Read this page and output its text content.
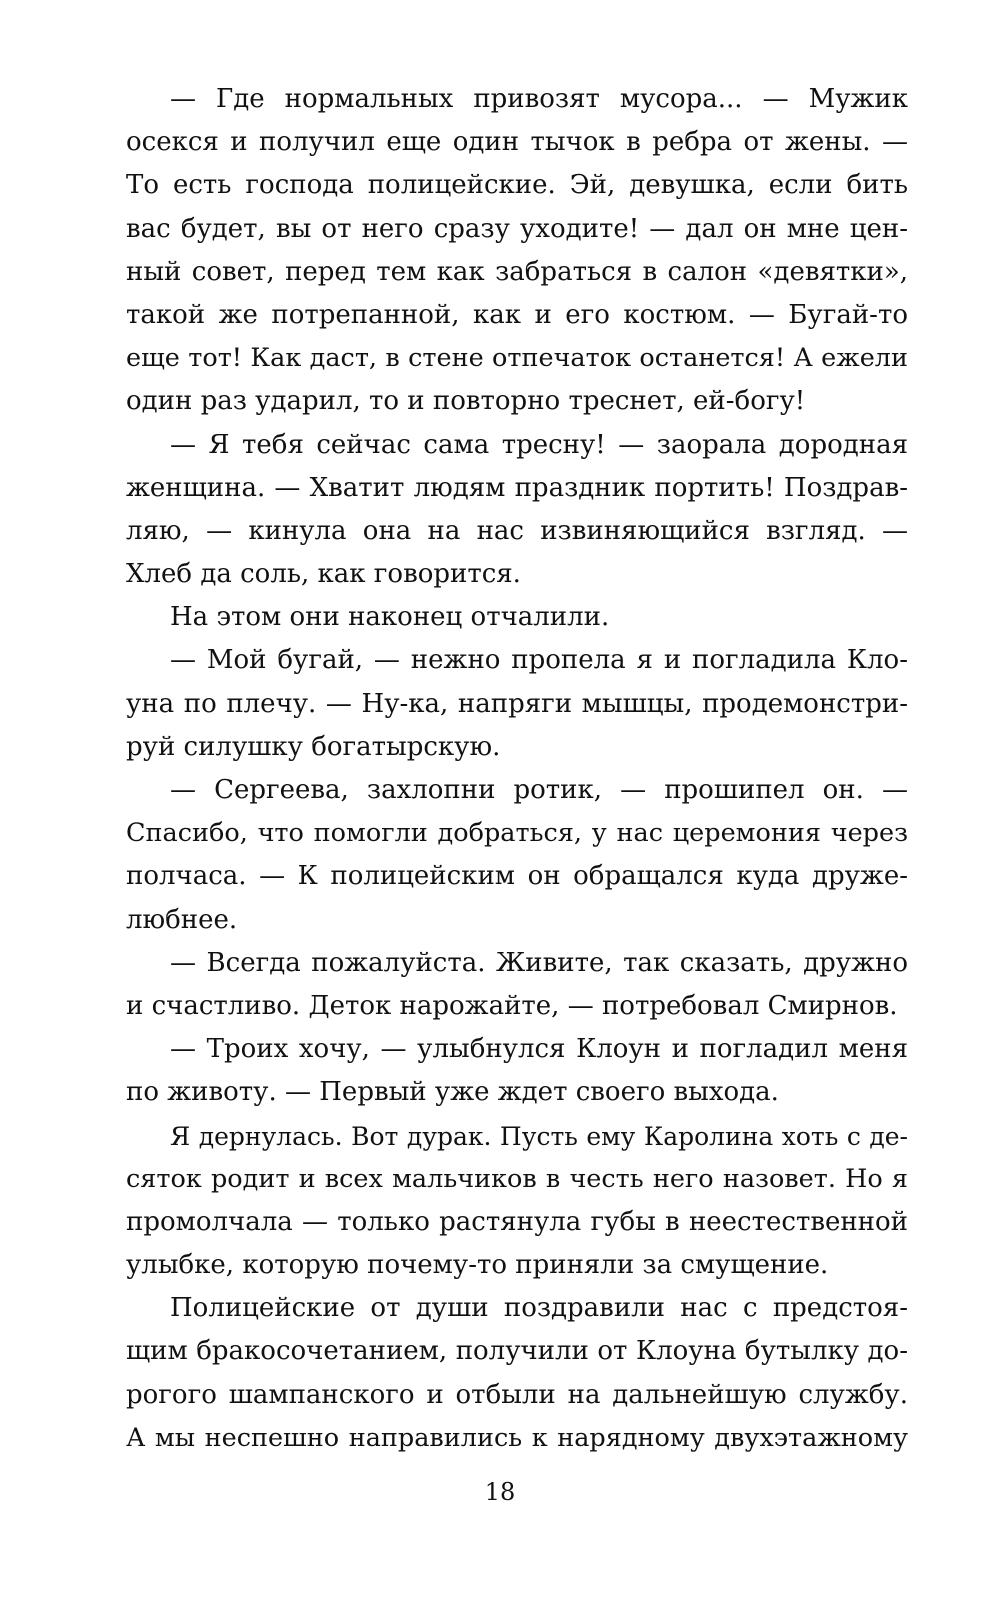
— Где нормальных привозят мусора... — Мужик
осекся и получил еще один тычок в ребра от жены. —
То есть господа полицейские. Эй, девушка, если бить
вас будет, вы от него сразу уходите! — дал он мне цен-
ный совет, перед тем как забраться в салон «девятки»,
такой же потрепанной, как и его костюм. — Бугай-то
еще тот! Как даст, в стене отпечаток останется! А ежели
один раз ударил, то и повторно треснет, ей-богу!
— Я тебя сейчас сама тресну! — заорала дородная
женщина. — Хватит людям праздник портить! Поздрав-
ляю, — кинула она на нас извиняющийся взгляд. —
Хлеб да соль, как говорится.
На этом они наконец отчалили.
— Мой бугай, — нежно пропела я и погладила Кло-
уна по плечу. — Ну-ка, напряги мышцы, продемонстри-
руй силушку богатырскую.
— Сергеева, захлопни ротик, — прошипел он. —
Спасибо, что помогли добраться, у нас церемония через
полчаса. — К полицейским он обращался куда друже-
любнее.
— Всегда пожалуйста. Живите, так сказать, дружно
и счастливо. Деток нарожайте, — потребовал Смирнов.
— Троих хочу, — улыбнулся Клоун и погладил меня
по животу. — Первый уже ждет своего выхода.
Я дернулась. Вот дурак. Пусть ему Каролина хоть с де-
сяток родит и всех мальчиков в честь него назовет. Но я
промолчала — только растянула губы в неестественной
улыбке, которую почему-то приняли за смущение.
Полицейские от души поздравили нас с предстоя-
щим бракосочетанием, получили от Клоуна бутылку до-
рогого шампанского и отбыли на дальнейшую службу.
А мы неспешно направились к нарядному двухэтажному
18
